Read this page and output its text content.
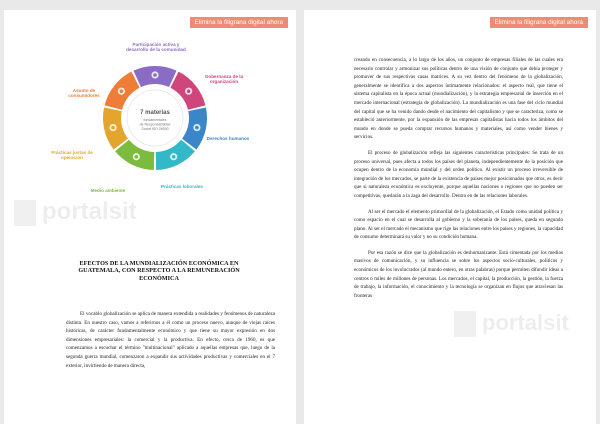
Elimina la filigrana digital ahora
portalsit
Participación activa y desarrollo de la comunidad
Gobernanza de la organización
Derechos humanos
Prácticas laborales
Medio ambiente
Prácticas justas de operación
Asunto de consumidores
7 materias
fundamentales
de Responsabilidad
Social ISO 26000
EFECTOS DE LA MUNDIALIZACIÓN ECONÓMICA EN GUATEMALA, CON RESPECTO A LA REMUNERACIÓN ECONÓMICA

El vocablo globalización se aplica de manera extendida a realidades y fenómenos de naturaleza distinta. En nuestro caso, vamos a referirnos a él como un proceso nuevo, aunque de viejas raíces históricas, de carácter fundamentalmente económico y que tiene su mayor expresión en dos dimensiones empresariales: la comercial y la productiva. En efecto, cerca de 1960, es que comenzamos a escuchar el término "multinacional" aplicado a aquellas empresas que, luego de la segunda guerra mundial, comenzaron a expandir sus actividades productivas y comerciales en el 7 exterior, invirtiendo de manera directa,

Elimina la filigrana digital ahora
portalsit

creando en consecuencia, a lo largo de los años, un conjunto de empresas filiales de las cuales era necesario controlar y armonizar sus políticas dentro de una visión de conjunto que debía proteger y promover de sus respectivas casas matrices. A su vez dentro del fenómeno de la globalización, generalmente se identifica a dos aspectos íntimamente relacionados: el aspecto real, que tiene el sistema capitalista en la época actual (mundialización), y la estrategia empresarial de inserción en el mercado internacional (estrategia de globalización). La mundialización es una fase del ciclo mundial del capital que se ha venido dando desde el nacimiento del capitalismo y que se caracteriza, como se estableció anteriormente, por la expansión de las empresas capitalistas hacia todos los ámbitos del mundo en donde se pueda comprar recursos humanos y materiales, así como vender bienes y servicios.

El proceso de globalización refleja las siguientes características principales: Se trata de un proceso universal, pues afecta a todos los países del planeta, independientemente de la posición que ocupen dentro de la economía mundial y del orden político. Al existir un proceso irreversible de integración de los mercados, se parte de la existencia de países mejor posicionados que otros, es decir que si naturaleza económica es excluyente, porque aquellas naciones o regiones que no pueden ser competitivas, quedarán a la zaga del desarrollo. Dentro en de las relaciones laborales.

Al ser el mercado el elemento primordial de la globalización, el Estado como unidad política y como espacio en el cual se desarrolla al gobierno y la soberanía de los países, queda en segundo plano. Al ser el mercado el mecanismo que rige las relaciones entre los países y regiones, la capacidad de consumo determinará su valor y no su condición humana.

Por esa razón se dice que la globalización es deshumanizante. Está cimentada por los medios masivos de comunicación, y su influencia se sobre los aspectos socio-culturales, políticos y económicos de los involucrados (al mundo entero, en otras palabras) porque permiten difundir ideas a centros o miles de millones de personas. Los mercados, el capital, la producción, la gestión, la fuerza de trabajo, la información, el conocimiento y la tecnología se organizan en flujos que atraviesan las fronteras
